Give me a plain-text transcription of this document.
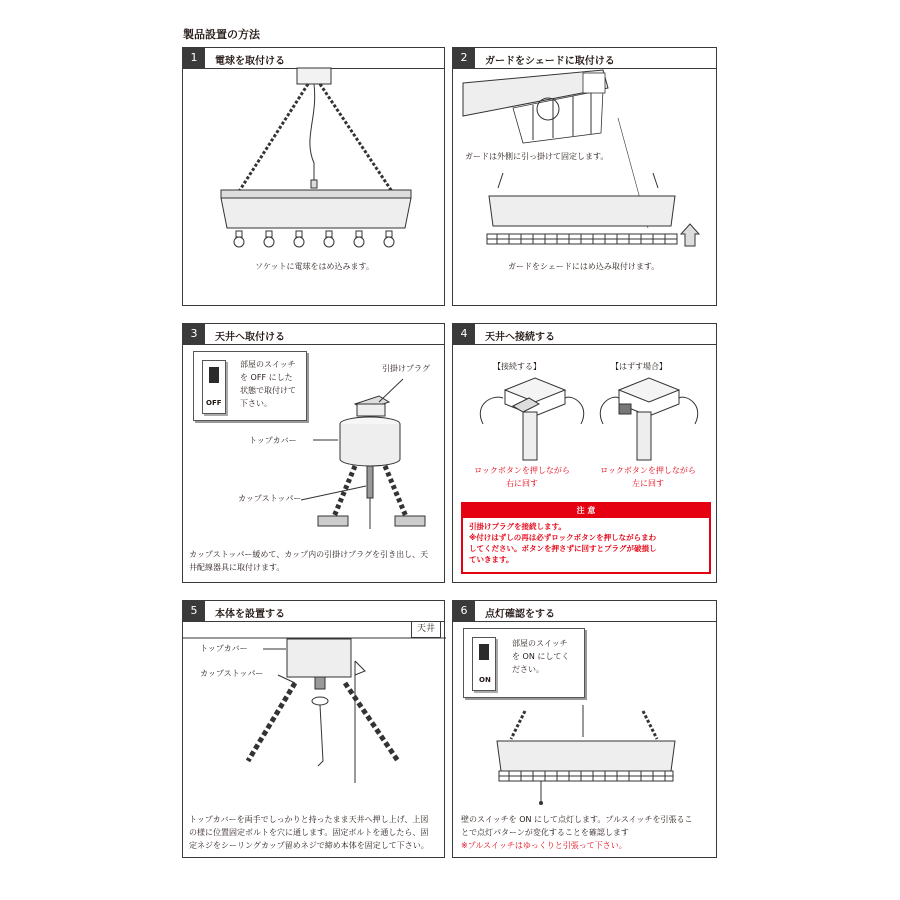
製品設置の方法
1	電球を取付ける
ソケットに電球をはめ込みます。
2	ガードをシェードに取付ける
ガードは外側に引っ掛けて固定します。
ガードをシェードにはめ込み取付けます。
3	天井へ取付ける
OFF
部屋のスイッチ
を OFF にした
状態で取付けて
下さい。
引掛けプラグ
トップカバー
カップストッパー
カップストッパー緩めて、カップ内の引掛けプラグを引き出し、天
井配線器具に取付けます。
4	天井へ接続する
【接続する】	【はずす場合】
ロックボタンを押しながら
右に回す
ロックボタンを押しながら
左に回す
注 意
引掛けプラグを接続します。
※付けはずしの再は必ずロックボタンを押しながらまわ
してください。ボタンを押さずに回すとプラグが破損し
ていきます。
5	本体を設置する
天井
トップカバー
カップストッパー
トップカバーを両手でしっかりと持ったまま天井へ押し上げ、上図
の様に位置固定ボルトを穴に通します。固定ボルトを通したら、固
定ネジをシーリングカップ留めネジで締め本体を固定して下さい。
6	点灯確認をする
ON
部屋のスイッチ
を ON にしてく
ださい。
壁のスイッチを ON にして点灯します。プルスイッチを引張るこ
とで点灯パターンが変化することを確認します
※プルスイッチはゆっくりと引張って下さい。
